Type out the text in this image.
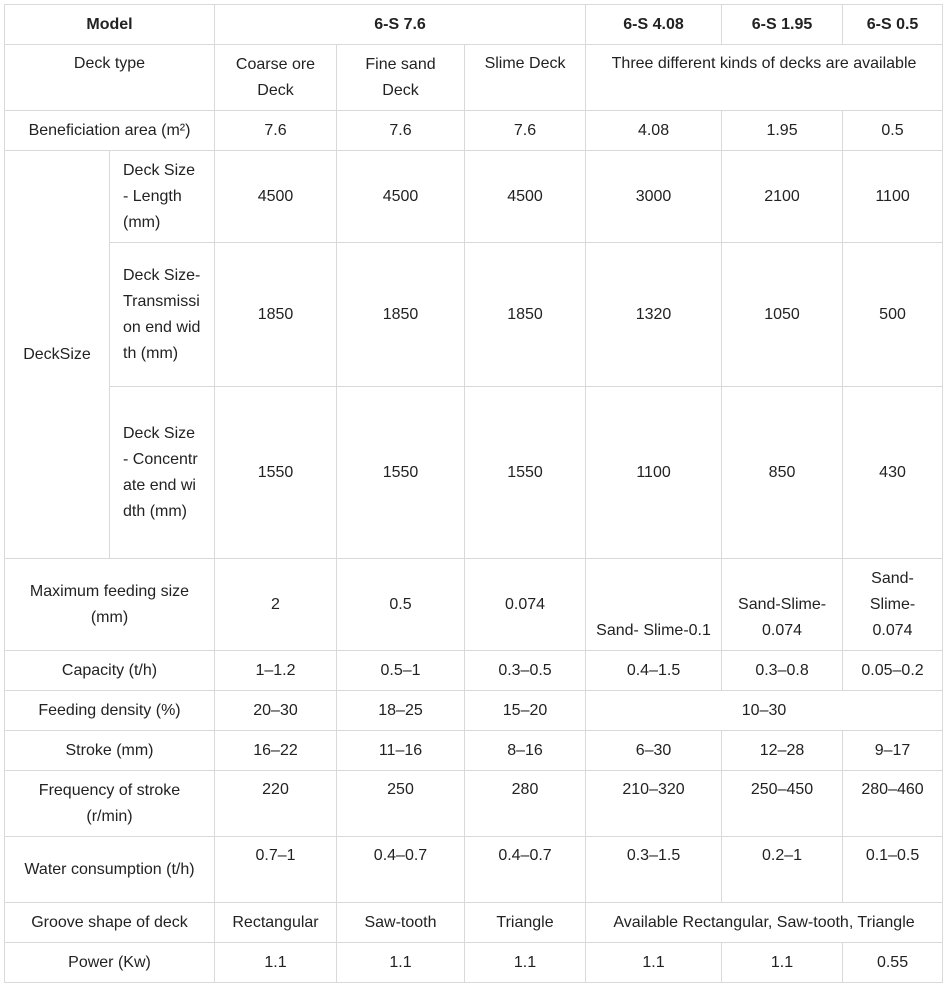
Model		6-S 7.6			6-S 4.08	6-S 1.95	6-S 0.5
Deck type		Coarse ore Deck	Fine sand Deck	Slime Deck	Three different kinds of decks are available		
Beneficiation area (m²)		7.6	7.6	7.6	4.08	1.95	0.5
DeckSize	Deck Size - Length (mm)	4500	4500	4500	3000	2100	1100
	Deck Size-Transmission end width (mm)	1850	1850	1850	1320	1050	500
	Deck Size - Concentrate end width (mm)	1550	1550	1550	1100	850	430
Maximum feeding size (mm)		2	0.5	0.074	Sand- Slime-0.1	Sand-Slime-0.074	Sand-Slime-0.074
Capacity (t/h)		1–1.2	0.5–1	0.3–0.5	0.4–1.5	0.3–0.8	0.05–0.2
Feeding density (%)		20–30	18–25	15–20	10–30		
Stroke (mm)		16–22	11–16	8–16	6–30	12–28	9–17
Frequency of stroke (r/min)		220	250	280	210–320	250–450	280–460
Water consumption (t/h)		0.7–1	0.4–0.7	0.4–0.7	0.3–1.5	0.2–1	0.1–0.5
Groove shape of deck		Rectangular	Saw-tooth	Triangle	Available Rectangular, Saw-tooth, Triangle		
Power (Kw)		1.1	1.1	1.1	1.1	1.1	0.55
